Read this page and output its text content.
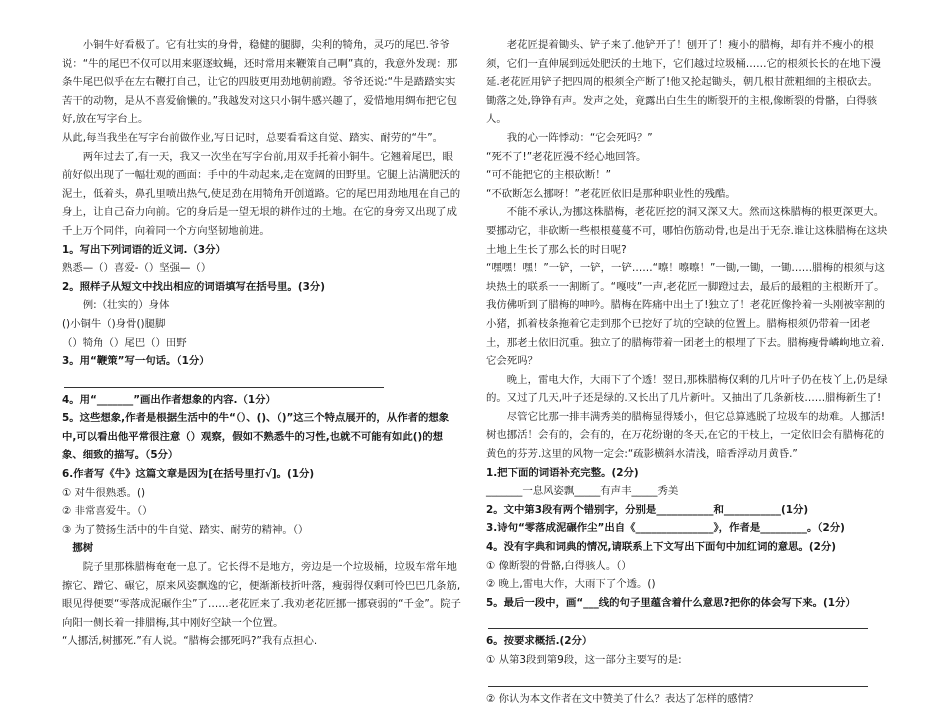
小铜牛好看极了。它有壮实的身骨，稳健的腿脚，尖利的犄角，灵巧的尾巴.爷爷说：“牛的尾巴不仅可以用来驱逐蚊蝇，还时常用来鞭策自己啊”真的，我意外发现：那条牛尾巴似乎在左右鞭打自己，让它的四肢更用劲地朝前蹬。爷爷还说:“牛是踏踏实实苦干的动物，是从不喜爱偷懒的。”我越发对这只小铜牛感兴趣了，爱惜地用绸布把它包好,放在写字台上。

从此,每当我坐在写字台前做作业,写日记时，总要看看这自觉、踏实、耐劳的“牛”。

两年过去了,有一天，我又一次坐在写字台前,用双手托着小铜牛。它翘着尾巴，眼前好似出现了一幅壮观的画面：手中的牛动起来,走在宽阔的田野里。它腿上沾满肥沃的泥土，低着头，鼻孔里喷出热气,使足劲在用犄角开创道路。它的尾巴用劲地甩在自己的身上，让自己奋力向前。它的身后是一望无垠的耕作过的土地。在它的身旁又出现了成千上万个同伴，向着同一个方向坚韧地前进。

1。写出下列词语的近义词.（3分）

熟悉—（）喜爱-（）坚强—（）

2。照样子从短文中找出相应的词语填写在括号里。(3分)

例:（壮实的）身体

()小铜牛（)身骨()腿脚

（）犄角（）尾巴（）田野

3。用“鞭策”写一句话。（1分）

4。用“_______”画出作者想象的内容.（1分）

5。这些想象,作者是根据生活中的牛“（）、()、（)”这三个特点展开的，从作者的想象中,可以看出他平常很注意（）观察，假如不熟悉牛的习性,也就不可能有如此()的想象、细致的描写。（5分）

6.作者写《牛》这篇文章是因为[在括号里打√]。(1分)

① 对牛很熟悉。()

② 非常喜爱牛。（）

③ 为了赞扬生活中的牛自觉、踏实、耐劳的精神。（）

挪树

院子里那株腊梅奄奄一息了。它长得不是地方，旁边是一个垃圾桶，垃圾车常年地擦它、蹭它、碾它，原来风姿飘逸的它，便渐渐枝折叶落，瘦弱得仅剩可怜巴巴几条筋,眼见得便要“零落成泥碾作尘”了……老花匠来了.我劝老花匠挪一挪衰弱的“千金”。院子向阳一侧长着一排腊梅,其中刚好空缺一个位置。

“人挪活,树挪死.”有人说。“腊梅会挪死吗?”我有点担心.

老花匠提着锄头、铲子来了.他铲开了！刨开了！瘦小的腊梅，却有并不瘦小的根须，它们一直伸展到远处肥沃的土地下，它们越过垃圾桶……它的根须长长的在地下漫延.老花匠用铲子把四周的根须全产断了!他又抡起锄头，朝几根甘蔗粗细的主根砍去。锄落之处,铮铮有声。发声之处，竟露出白生生的断裂开的主根,像断裂的骨骼，白得骇人。

我的心一阵悸动：“它会死吗？”

“死不了!”老花匠漫不经心地回答。

“可不能把它的主根砍断！”

“不砍断怎么挪呀！”老花匠依旧是那种职业性的残酷。

不能不承认,为挪这株腊梅，老花匠挖的洞又深又大。然而这株腊梅的根更深更大。要挪动它，非砍断一些根根蔓蔓不可，哪怕伤筋动骨,也是出于无奈.谁让这株腊梅在这块土地上生长了那么长的时日呢?

“嘿嘿！嘿！”一铲，一铲，一铲……“嚓！嚓嚓！”一锄,一锄，一锄……腊梅的根须与这块热土的联系一一割断了。“嘎吱”一声,老花匠一脚蹬过去，最后的最粗的主根断开了。我仿佛听到了腊梅的呻吟。腊梅在阵痛中出土了!独立了！老花匠像拎着一头刚被宰割的小猪，抓着枝条拖着它走到那个已挖好了坑的空缺的位置上。腊梅根须仍带着一团老土，那老土依旧沉重。独立了的腊梅带着一团老土的根埋了下去。腊梅瘦骨嶙峋地立着.它会死吗？

晚上，雷电大作，大雨下了个透！翌日,那株腊梅仅剩的几片叶子仍在枝丫上,仍是绿的。又过了几天,叶子还是绿的.又长出了几片新叶。又抽出了几条新枝……腊梅新生了!

尽管它比那一排丰满秀美的腊梅显得矮小，但它总算逃脱了垃圾车的劫难。人挪活!树也挪活！会有的，会有的，在万花纷谢的冬天,在它的干枝上，一定依旧会有腊梅花的黄色的芬芳.这里的风物一定会:“疏影横斜水清浅，暗香浮动月黄昏.”

1.把下面的词语补充完整。(2分)

_______一息风姿飘_____有声丰_____秀美

2。文中第3段有两个错别字，分别是___________和___________(1分)

3.诗句“零落成泥碾作尘”出自《_______________》，作者是_________。（2分)

4。没有字典和词典的情况,请联系上下文写出下面句中加红词的意思。(2分)

① 像断裂的骨骼,白得骇人。（）

② 晚上,雷电大作，大雨下了个透。()

5。最后一段中，画“___线的句子里蕴含着什么意思?把你的体会写下来。(1分）

6。按要求概括.(2分）

① 从第3段到第9段，这一部分主要写的是:

② 你认为本文作者在文中赞美了什么？表达了怎样的感情？
